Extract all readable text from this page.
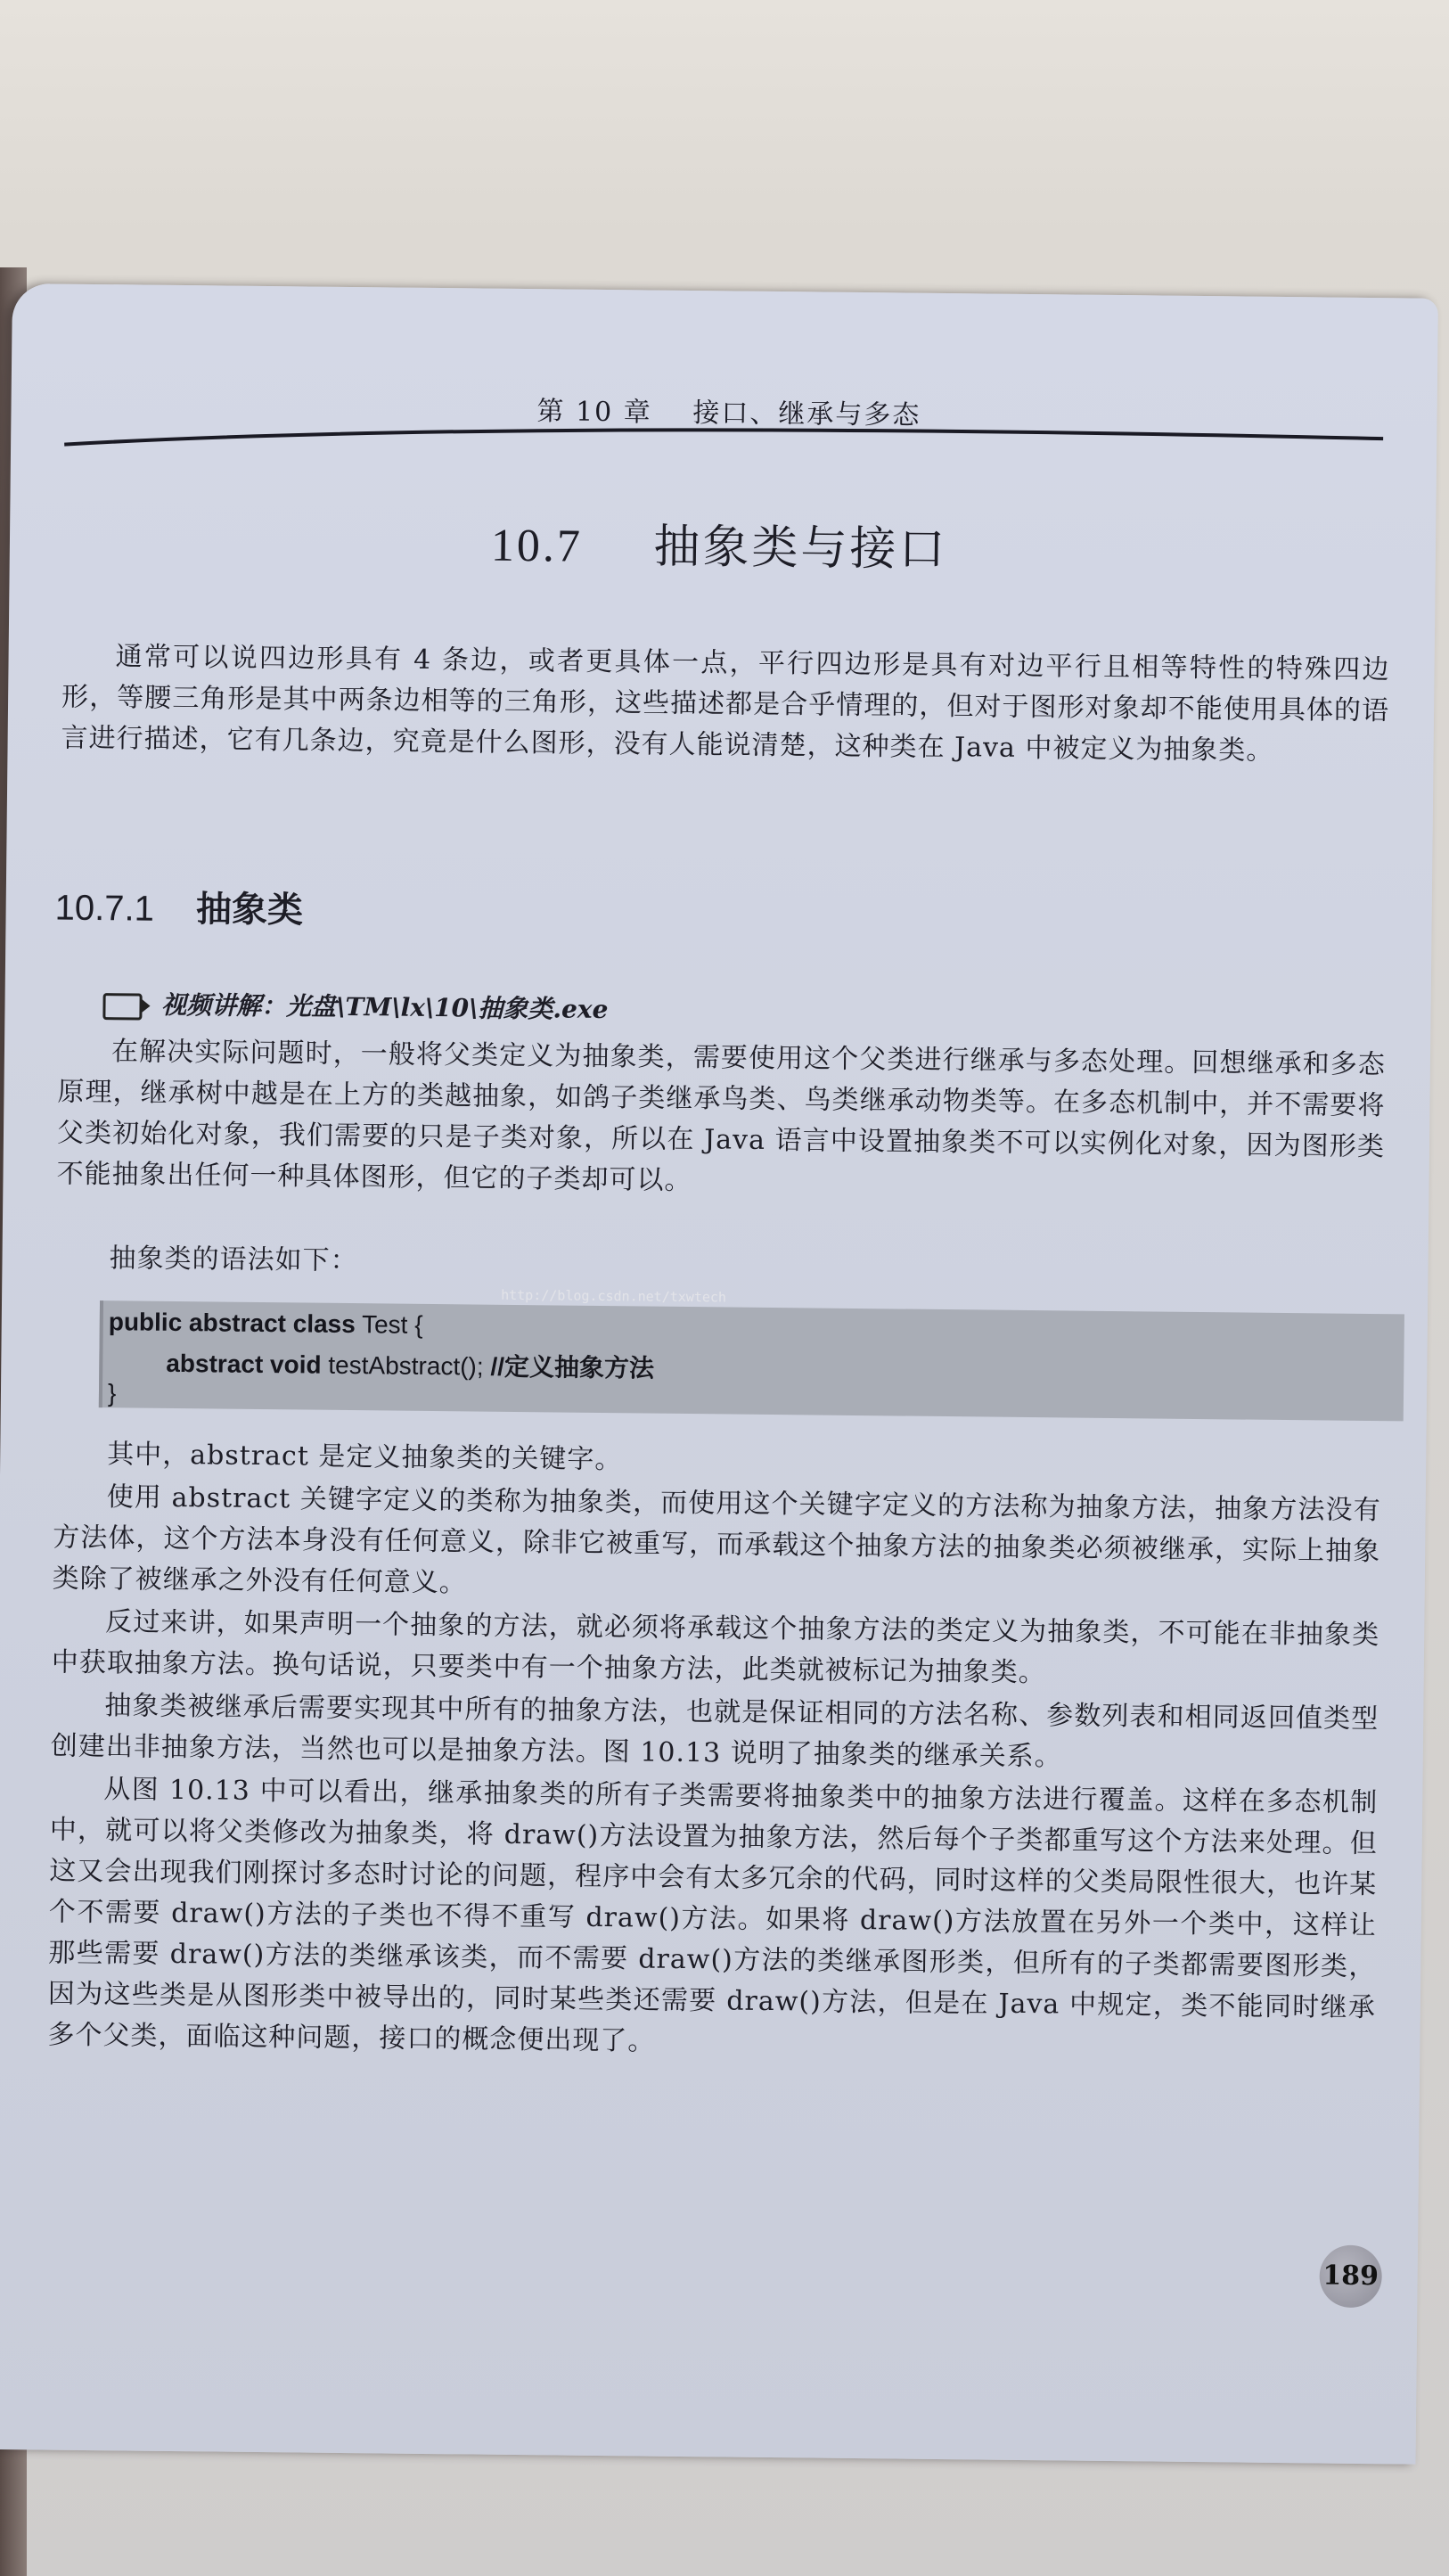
第 10 章 接口、继承与多态
10.7 抽象类与接口

通常可以说四边形具有 4 条边，或者更具体一点，平行四边形是具有对边平行且相等特性的特殊四边形，等腰三角形是其中两条边相等的三角形，这些描述都是合乎情理的，但对于图形对象却不能使用具体的语言进行描述，它有几条边，究竟是什么图形，没有人能说清楚，这种类在 Java 中被定义为抽象类。

10.7.1 抽象类
视频讲解：光盘\TM\lx\10\抽象类.exe

在解决实际问题时，一般将父类定义为抽象类，需要使用这个父类进行继承与多态处理。回想继承和多态原理，继承树中越是在上方的类越抽象，如鸽子类继承鸟类、鸟类继承动物类等。在多态机制中，并不需要将父类初始化对象，我们需要的只是子类对象，所以在 Java 语言中设置抽象类不可以实例化对象，因为图形类不能抽象出任何一种具体图形，但它的子类却可以。

抽象类的语法如下：

http://blog.csdn.net/txwtech
public abstract class Test {
abstract void testAbstract(); //定义抽象方法
}

其中，abstract 是定义抽象类的关键字。

使用 abstract 关键字定义的类称为抽象类，而使用这个关键字定义的方法称为抽象方法，抽象方法没有方法体，这个方法本身没有任何意义，除非它被重写，而承载这个抽象方法的抽象类必须被继承，实际上抽象类除了被继承之外没有任何意义。

反过来讲，如果声明一个抽象的方法，就必须将承载这个抽象方法的类定义为抽象类，不可能在非抽象类中获取抽象方法。换句话说，只要类中有一个抽象方法，此类就被标记为抽象类。

抽象类被继承后需要实现其中所有的抽象方法，也就是保证相同的方法名称、参数列表和相同返回值类型创建出非抽象方法，当然也可以是抽象方法。图 10.13 说明了抽象类的继承关系。

从图 10.13 中可以看出，继承抽象类的所有子类需要将抽象类中的抽象方法进行覆盖。这样在多态机制中，就可以将父类修改为抽象类，将 draw()方法设置为抽象方法，然后每个子类都重写这个方法来处理。但这又会出现我们刚探讨多态时讨论的问题，程序中会有太多冗余的代码，同时这样的父类局限性很大，也许某个不需要 draw()方法的子类也不得不重写 draw()方法。如果将 draw()方法放置在另外一个类中，这样让那些需要 draw()方法的类继承该类，而不需要 draw()方法的类继承图形类，但所有的子类都需要图形类，因为这些类是从图形类中被导出的，同时某些类还需要 draw()方法，但是在 Java 中规定，类不能同时继承多个父类，面临这种问题，接口的概念便出现了。

189
